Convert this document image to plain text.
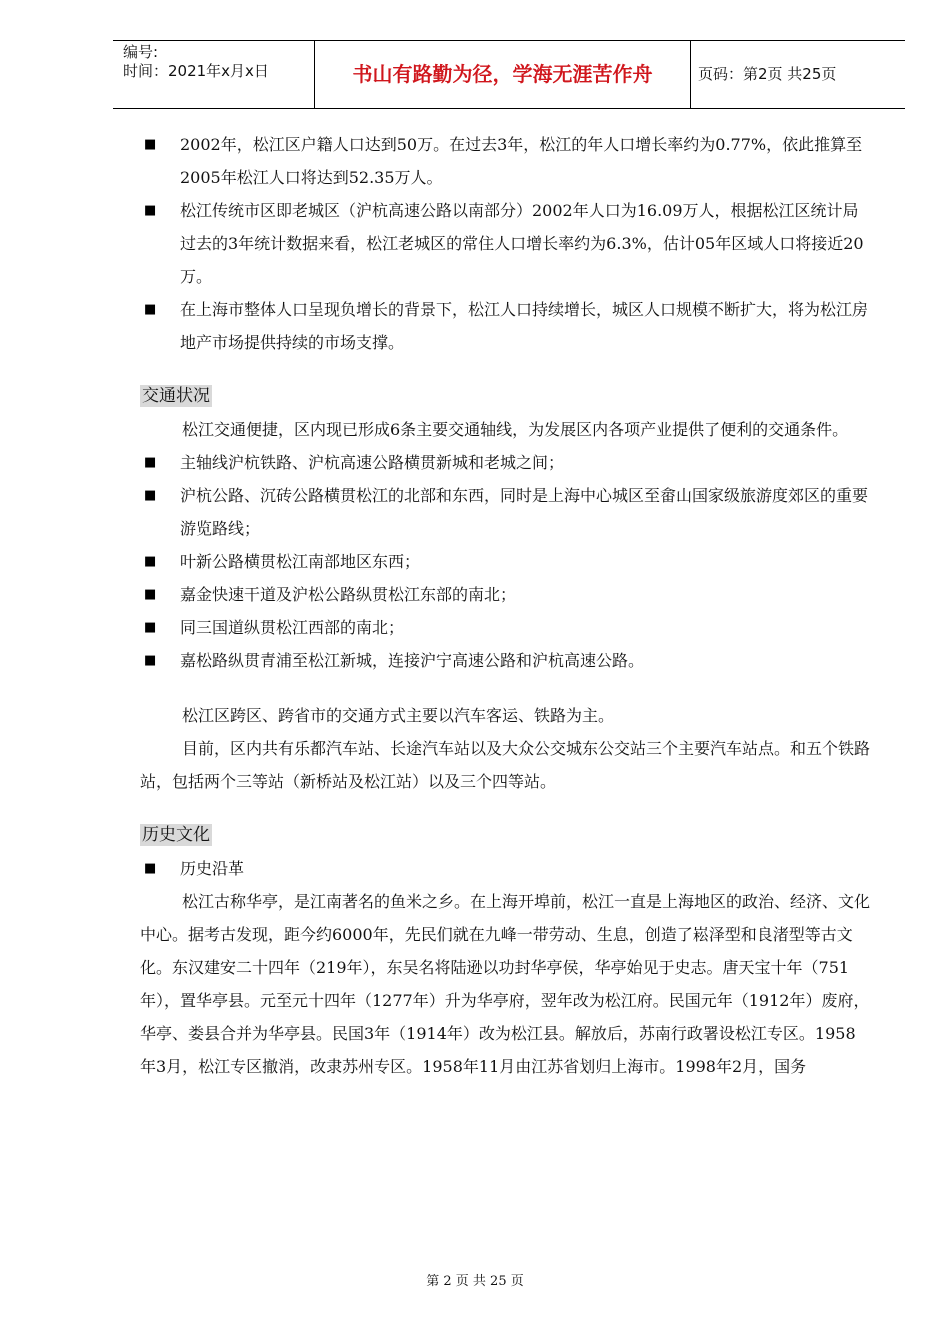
编号:
时间：2021年x月x日	书山有路勤为径，学海无涯苦作舟	页码：第2页 共25页
■ 2002年，松江区户籍人口达到50万。在过去3年，松江的年人口增长率约为0.77%，依此推算至2005年松江人口将达到52.35万人。
■ 松江传统市区即老城区（沪杭高速公路以南部分）2002年人口为16.09万人，根据松江区统计局过去的3年统计数据来看，松江老城区的常住人口增长率约为6.3%，估计05年区域人口将接近20万。
■ 在上海市整体人口呈现负增长的背景下，松江人口持续增长，城区人口规模不断扩大，将为松江房地产市场提供持续的市场支撑。
交通状况

松江交通便捷，区内现已形成6条主要交通轴线，为发展区内各项产业提供了便利的交通条件。

■ 主轴线沪杭铁路、沪杭高速公路横贯新城和老城之间；
■ 沪杭公路、沉砖公路横贯松江的北部和东西，同时是上海中心城区至畲山国家级旅游度郊区的重要游览路线；
■ 叶新公路横贯松江南部地区东西；
■ 嘉金快速干道及沪松公路纵贯松江东部的南北；
■ 同三国道纵贯松江西部的南北；
■ 嘉松路纵贯青浦至松江新城，连接沪宁高速公路和沪杭高速公路。

松江区跨区、跨省市的交通方式主要以汽车客运、铁路为主。

目前，区内共有乐都汽车站、长途汽车站以及大众公交城东公交站三个主要汽车站点。和五个铁路站，包括两个三等站（新桥站及松江站）以及三个四等站。

历史文化
■ 历史沿革

松江古称华亭，是江南著名的鱼米之乡。在上海开埠前，松江一直是上海地区的政治、经济、文化中心。据考古发现，距今约6000年，先民们就在九峰一带劳动、生息，创造了崧泽型和良渚型等古文化。东汉建安二十四年（219年），东吴名将陆逊以功封华亭侯，华亭始见于史志。唐天宝十年（751年），置华亭县。元至元十四年（1277年）升为华亭府，翌年改为松江府。民国元年（1912年）废府，华亭、娄县合并为华亭县。民国3年（1914年）改为松江县。解放后，苏南行政署设松江专区。1958年3月，松江专区撤消，改隶苏州专区。1958年11月由江苏省划归上海市。1998年2月，国务

第 2 页 共 25 页
